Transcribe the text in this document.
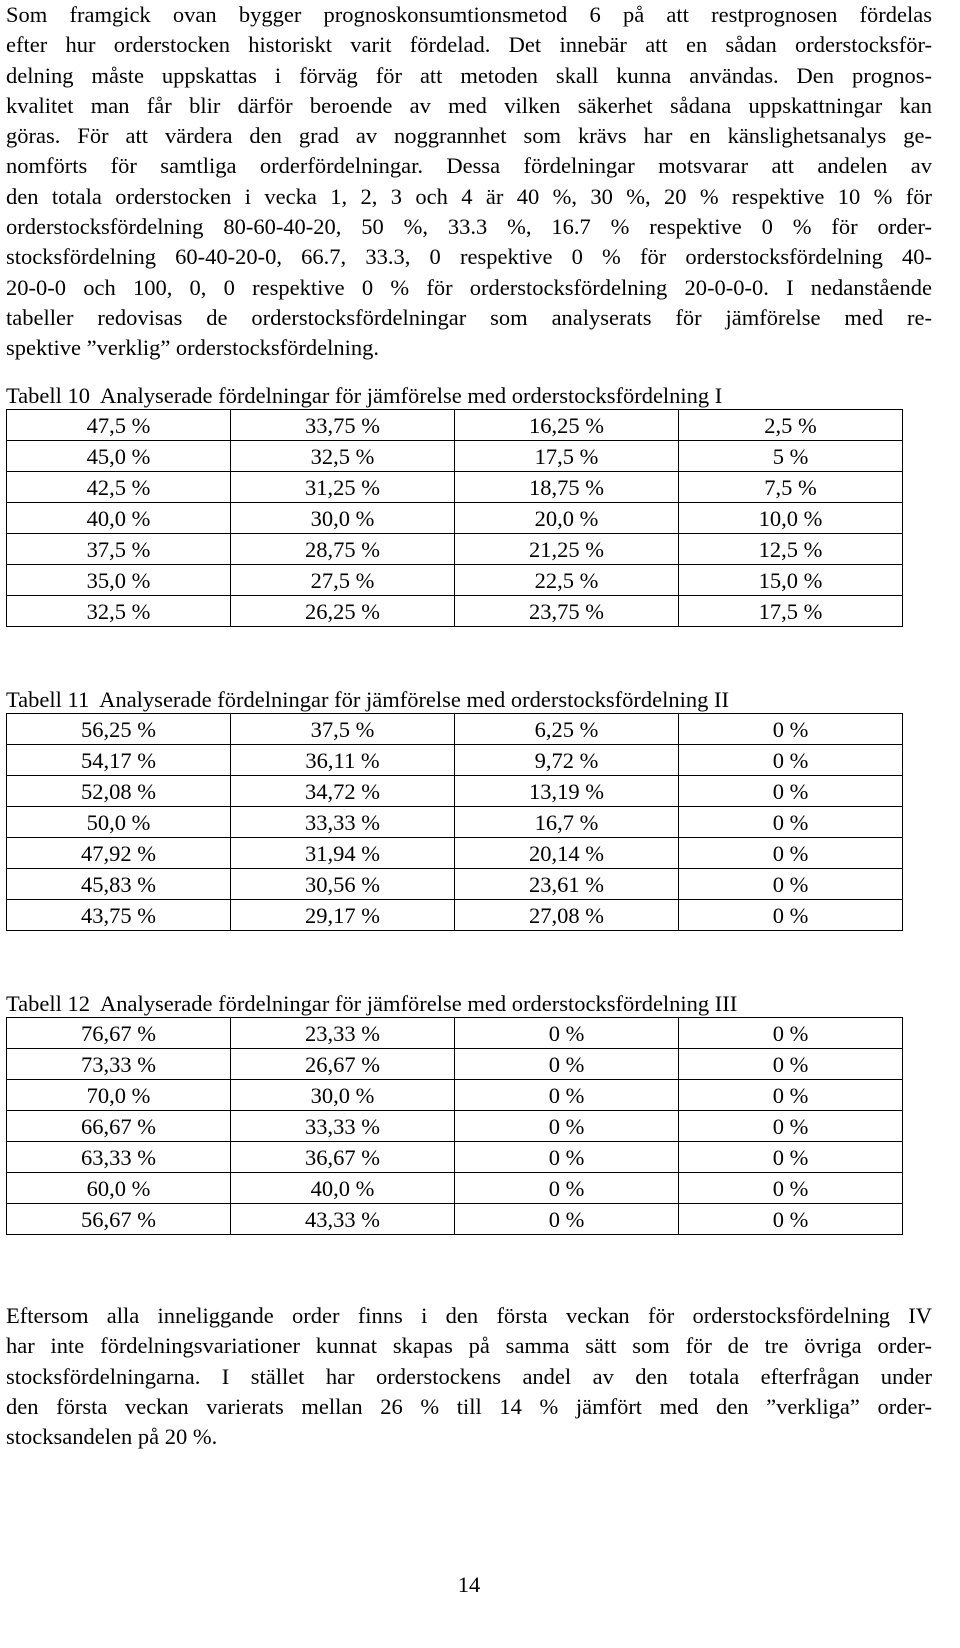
Som framgick ovan bygger prognoskonsumtionsmetod 6 på att restprognosen fördelas
efter hur orderstocken historiskt varit fördelad. Det innebär att en sådan orderstocksför-
delning måste uppskattas i förväg för att metoden skall kunna användas. Den prognos-
kvalitet man får blir därför beroende av med vilken säkerhet sådana uppskattningar kan
göras. För att värdera den grad av noggrannhet som krävs har en känslighetsanalys ge-
nomförts för samtliga orderfördelningar. Dessa fördelningar motsvarar att andelen av
den totala orderstocken i vecka 1, 2, 3 och 4 är 40 %, 30 %, 20 % respektive 10 % för
orderstocksfördelning 80-60-40-20, 50 %, 33.3 %, 16.7 % respektive 0 % för order-
stocksfördelning 60-40-20-0, 66.7, 33.3, 0 respektive 0 % för orderstocksfördelning 40-
20-0-0 och 100, 0, 0 respektive 0 % för orderstocksfördelning 20-0-0-0. I nedanstående
tabeller redovisas de orderstocksfördelningar som analyserats för jämförelse med re-
spektive ”verklig” orderstocksfördelning.

Tabell 10  Analyserade fördelningar för jämförelse med orderstocksfördelning I

47,5 %	33,75 %	16,25 %	2,5 %
45,0 %	32,5 %	17,5 %	5 %
42,5 %	31,25 %	18,75 %	7,5 %
40,0 %	30,0 %	20,0 %	10,0 %
37,5 %	28,75 %	21,25 %	12,5 %
35,0 %	27,5 %	22,5 %	15,0 %
32,5 %	26,25 %	23,75 %	17,5 %

Tabell 11  Analyserade fördelningar för jämförelse med orderstocksfördelning II

56,25 %	37,5 %	6,25 %	0 %
54,17 %	36,11 %	9,72 %	0 %
52,08 %	34,72 %	13,19 %	0 %
50,0 %	33,33 %	16,7 %	0 %
47,92 %	31,94 %	20,14 %	0 %
45,83 %	30,56 %	23,61 %	0 %
43,75 %	29,17 %	27,08 %	0 %

Tabell 12  Analyserade fördelningar för jämförelse med orderstocksfördelning III

76,67 %	23,33 %	0 %	0 %
73,33 %	26,67 %	0 %	0 %
70,0 %	30,0 %	0 %	0 %
66,67 %	33,33 %	0 %	0 %
63,33 %	36,67 %	0 %	0 %
60,0 %	40,0 %	0 %	0 %
56,67 %	43,33 %	0 %	0 %

Eftersom alla inneliggande order finns i den första veckan för orderstocksfördelning IV
har inte fördelningsvariationer kunnat skapas på samma sätt som för de tre övriga order-
stocksfördelningarna. I stället har orderstockens andel av den totala efterfrågan under
den första veckan varierats mellan 26 % till 14 % jämfört med den ”verkliga” order-
stocksandelen på 20 %.

14
